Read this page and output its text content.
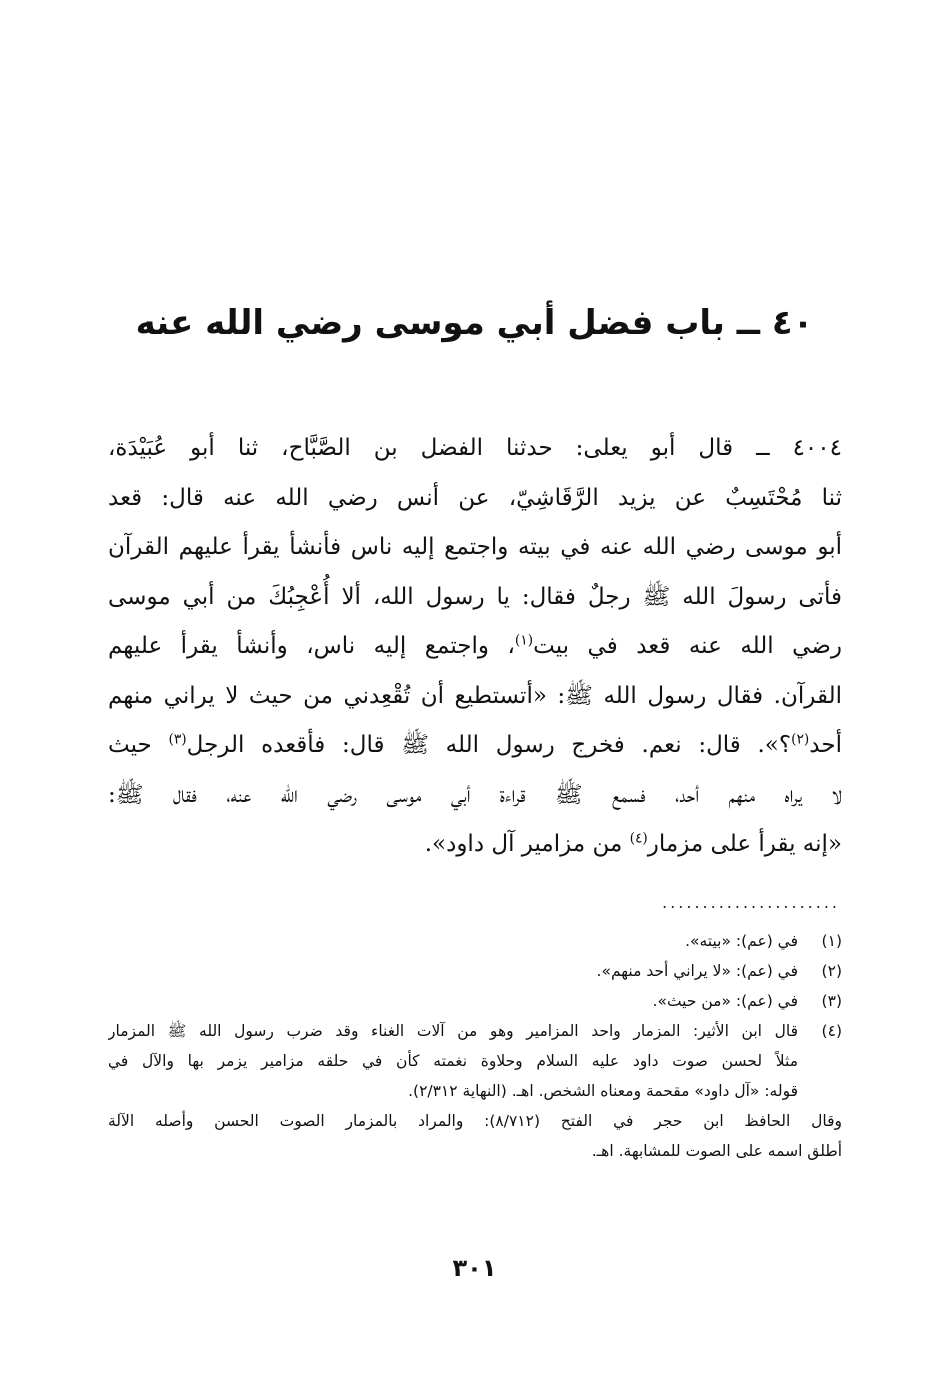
٤٠ ــ باب فضل أبي موسى رضي الله عنه
٤٠٠٤ ــ قال أبو يعلى: حدثنا الفضل بن الصَّبَّاح، ثنا أبو عُبَيْدَة،
ثنا مُحْتَسِبٌ عن يزيد الرَّقَاشِيّ، عن أنس رضي الله عنه قال: قعد
أبو موسى رضي الله عنه في بيته واجتمع إليه ناس فأنشأ يقرأ عليهم القرآن
فأتى رسولَ الله ﷺ رجلٌ فقال: يا رسول الله، ألا أُعْجِبُكَ من أبي موسى
رضي الله عنه قعد في بيت$^{(١)}$، واجتمع إليه ناس، وأنشأ يقرأ عليهم
القرآن. فقال رسول الله ﷺ: «أتستطيع أن تُقْعِدني من حيث لا يراني منهم
أحد$^{(٢)}$؟». قال: نعم. فخرج رسول الله ﷺ قال: فأقعده الرجل$^{(٣)}$ حيث
لا يراه منهم أحد، فسمع ﷺ قراءة أبي موسى رضي الله عنه، فقال ﷺ:
«إنه يقرأ على مزمار$^{(٤)}$ من مزامير آل داود».
......................
(١)
في (عم): «بيته».
(٢)
في (عم): «لا يراني أحد منهم».
(٣)
في (عم): «من حيث».
(٤)
قال ابن الأثير: المزمار واحد المزامير وهو من آلات الغناء وقد ضرب رسول الله ﷺ المزمار
مثلاً لحسن صوت داود عليه السلام وحلاوة نغمته كأن في حلقه مزامير يزمر بها والآل في
قوله: «آل داود» مقحمة ومعناه الشخص. اهـ. (النهاية ٢/٣١٢).
وقال الحافظ ابن حجر في الفتح (٨/٧١٢): والمراد بالمزمار الصوت الحسن وأصله الآلة
أطلق اسمه على الصوت للمشابهة. اهـ.
٣٠١
